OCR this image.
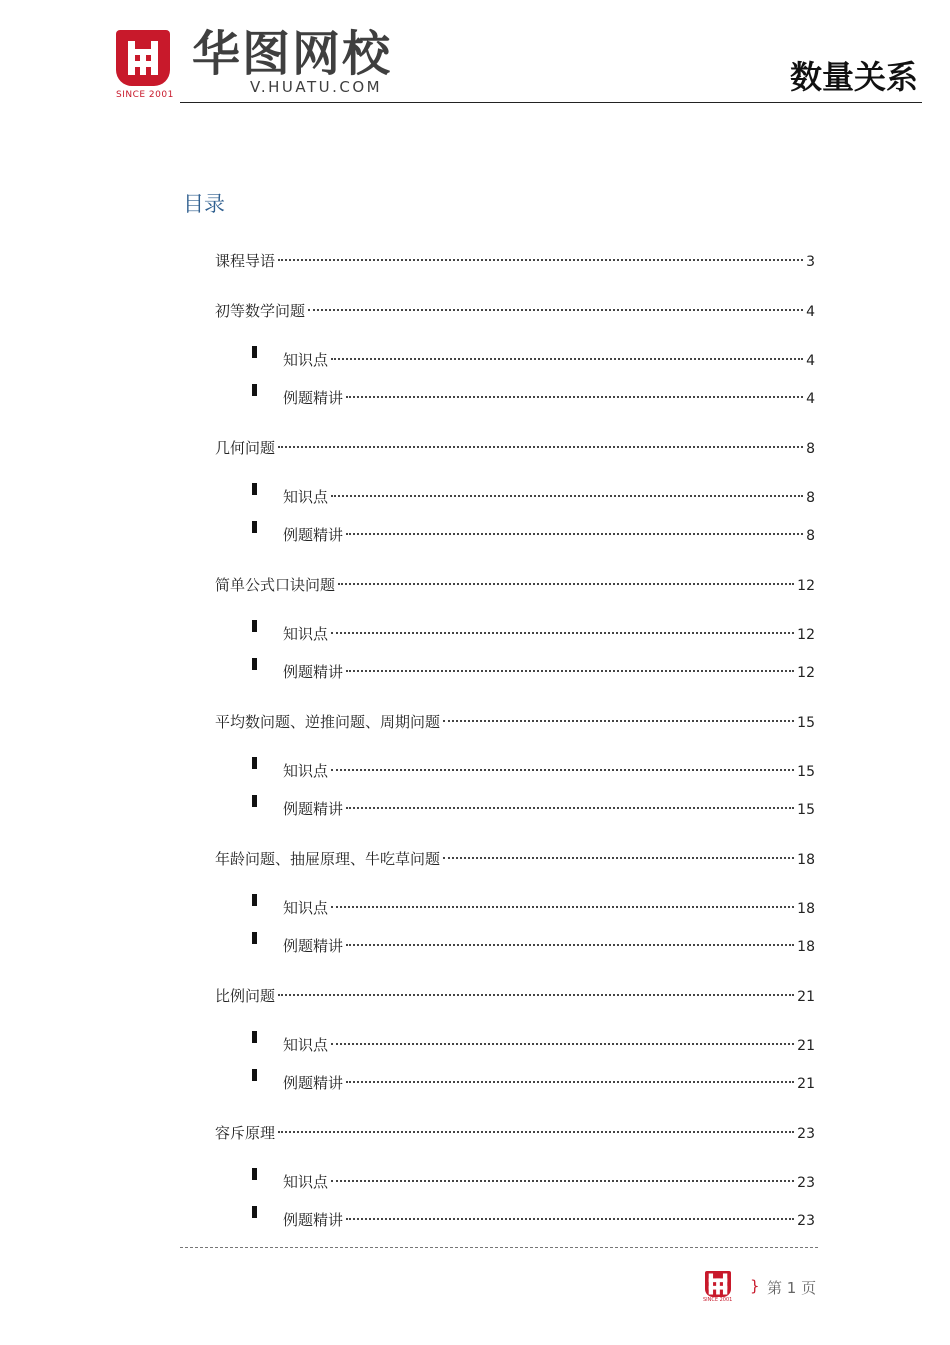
SINCE 2001
华图网校
V.HUATU.COM	数量关系
目录
课程导语	3
初等数学问题	4
知识点	4
例题精讲	4
几何问题	8
知识点	8
例题精讲	8
简单公式口诀问题	12
知识点	12
例题精讲	12
平均数问题、逆推问题、周期问题	15
知识点	15
例题精讲	15
年龄问题、抽屉原理、牛吃草问题	18
知识点	18
例题精讲	18
比例问题	21
知识点	21
例题精讲	21
容斥原理	23
知识点	23
例题精讲	23
SINCE 2001
} 第 1 页
